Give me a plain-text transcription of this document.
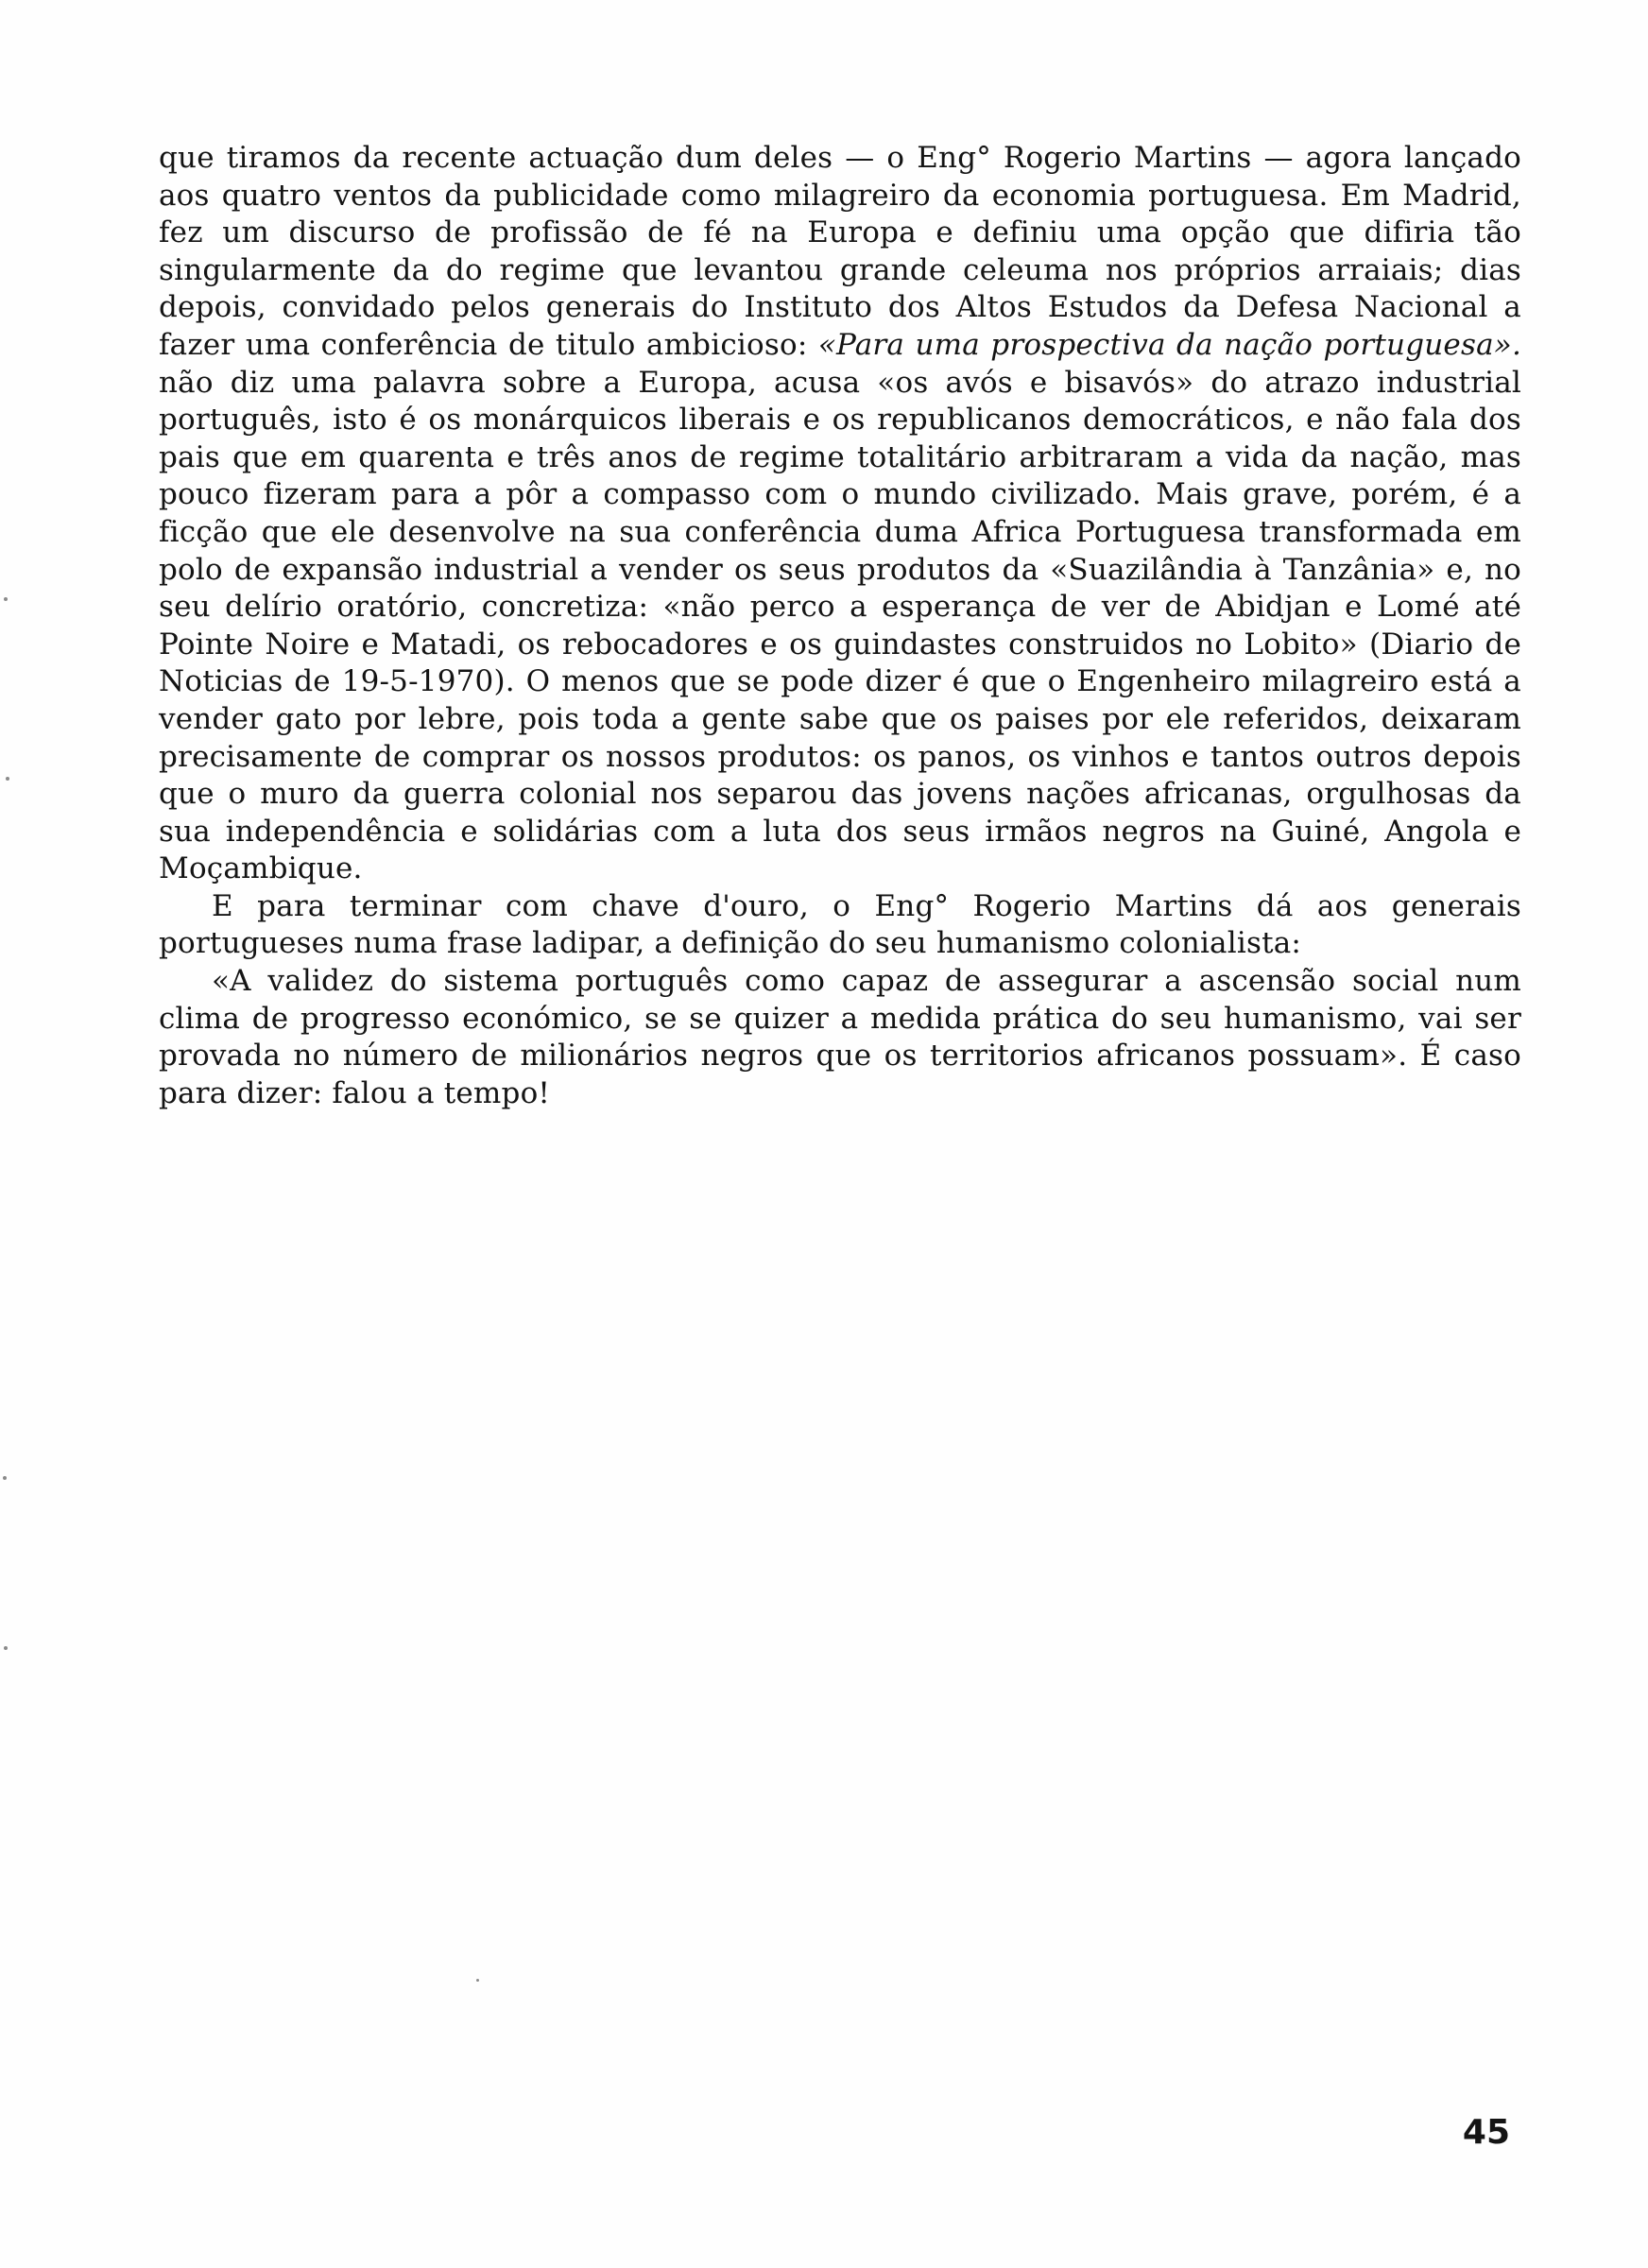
que tiramos da recente actuação dum deles — o Eng° Rogerio Martins — agora lançado aos quatro ventos da publicidade como milagreiro da economia portuguesa. Em Madrid, fez um discurso de profissão de fé na Europa e definiu uma opção que difiria tão singularmente da do regime que levantou grande celeuma nos próprios arraiais; dias depois, convidado pelos generais do Instituto dos Altos Estudos da Defesa Nacional a fazer uma conferência de titulo ambicioso: «Para uma prospectiva da nação portuguesa». não diz uma palavra sobre a Europa, acusa «os avós e bisavós» do atrazo industrial português, isto é os monárquicos liberais e os republicanos democráticos, e não fala dos pais que em quarenta e três anos de regime totalitário arbitraram a vida da nação, mas pouco fizeram para a pôr a compasso com o mundo civilizado. Mais grave, porém, é a ficção que ele desenvolve na sua conferência duma Africa Portuguesa transformada em polo de expansão industrial a vender os seus produtos da «Suazilândia à Tanzânia» e, no seu delírio oratório, concretiza: «não perco a esperança de ver de Abidjan e Lomé até Pointe Noire e Matadi, os rebocadores e os guindastes construidos no Lobito» (Diario de Noticias de 19-5-1970). O menos que se pode dizer é que o Engenheiro milagreiro está a vender gato por lebre, pois toda a gente sabe que os paises por ele referidos, deixaram precisamente de comprar os nossos produtos: os panos, os vinhos e tantos outros depois que o muro da guerra colonial nos separou das jovens nações africanas, orgulhosas da sua independência e solidárias com a luta dos seus irmãos negros na Guiné, Angola e Moçambique.

E para terminar com chave d'ouro, o Eng° Rogerio Martins dá aos generais portugueses numa frase ladipar, a definição do seu humanismo colonialista:

«A validez do sistema português como capaz de assegurar a ascensão social num clima de progresso económico, se se quizer a medida prática do seu humanismo, vai ser provada no número de milionários negros que os territorios africanos possuam». É caso para dizer: falou a tempo!

45
